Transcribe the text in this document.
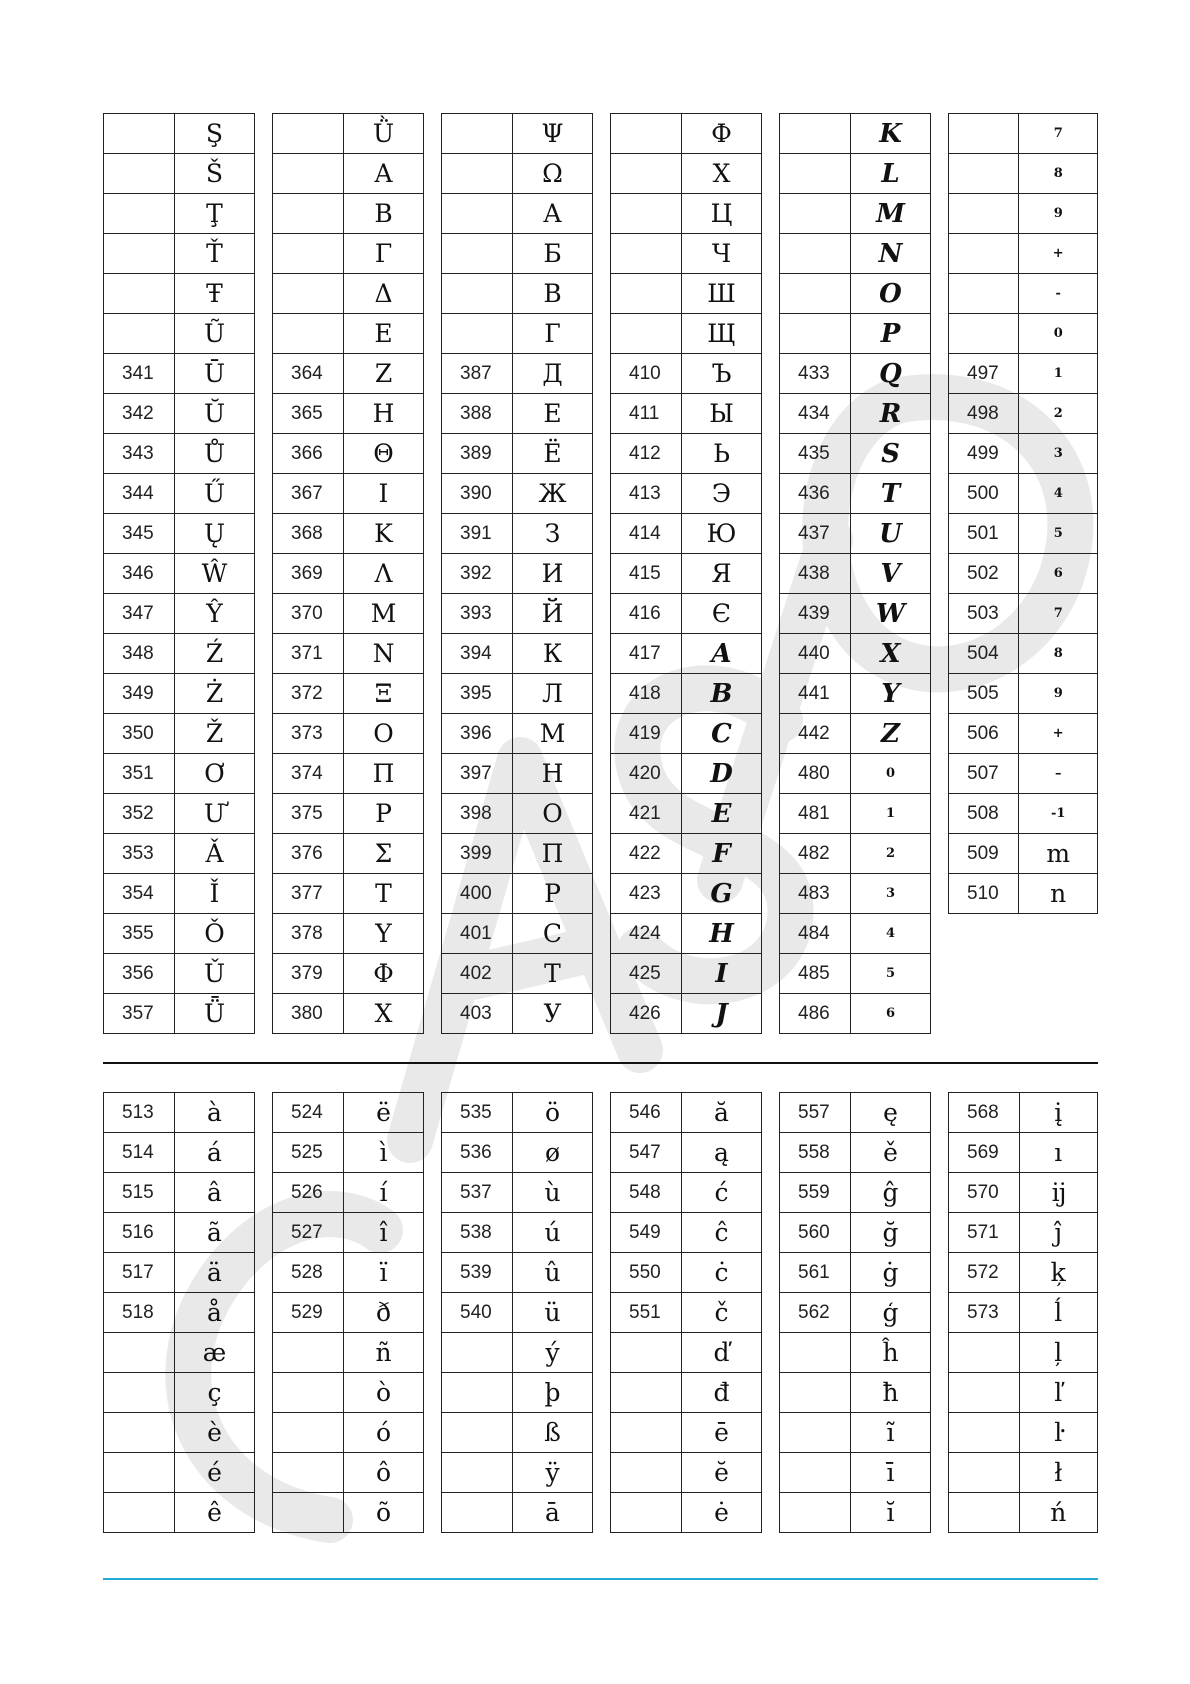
	Ş
	Š
	Ţ
	Ť
	Ŧ
	Ũ
341	Ū
342	Ŭ
343	Ů
344	Ű
345	Ų
346	Ŵ
347	Ŷ
348	Ź
349	Ż
350	Ž
351	Ơ
352	Ư
353	Ǎ
354	Ǐ
355	Ǒ
356	Ǔ
357	Ǖ
	Ǜ
	Α
	Β
	Γ
	Δ
	Ε
364	Ζ
365	Η
366	Θ
367	Ι
368	Κ
369	Λ
370	Μ
371	Ν
372	Ξ
373	Ο
374	Π
375	Ρ
376	Σ
377	Τ
378	Υ
379	Φ
380	Χ
	Ψ
	Ω
	А
	Б
	В
	Г
387	Д
388	Е
389	Ё
390	Ж
391	З
392	И
393	Й
394	К
395	Л
396	М
397	Н
398	О
399	П
400	Р
401	С
402	Т
403	У
	Ф
	Х
	Ц
	Ч
	Ш
	Щ
410	Ъ
411	Ы
412	Ь
413	Э
414	Ю
415	Я
416	Є
417	A
418	B
419	C
420	D
421	E
422	F
423	G
424	H
425	I
426	J
	K
	L
	M
	N
	O
	P
433	Q
434	R
435	S
436	T
437	U
438	V
439	W
440	X
441	Y
442	Z
480	0
481	1
482	2
483	3
484	4
485	5
486	6
	7
	8
	9
	+
	-
	0
497	1
498	2
499	3
500	4
501	5
502	6
503	7
504	8
505	9
506	+
507	–
508	-1
509	m
510	n
513	à
514	á
515	â
516	ã
517	ä
518	å
	æ
	ç
	è
	é
	ê
524	ë
525	ì
526	í
527	î
528	ï
529	ð
	ñ
	ò
	ó
	ô
	õ
535	ö
536	ø
537	ù
538	ú
539	û
540	ü
	ý
	þ
	ß
	ÿ
	ā
546	ă
547	ą
548	ć
549	ĉ
550	ċ
551	č
	ď
	đ
	ē
	ĕ
	ė
557	ę
558	ě
559	ĝ
560	ğ
561	ġ
562	ģ
	ĥ
	ħ
	ĩ
	ī
	ĭ
568	į
569	ı
570	ĳ
571	ĵ
572	ķ
573	ĺ
	ļ
	ľ
	ŀ
	ł
	ń
